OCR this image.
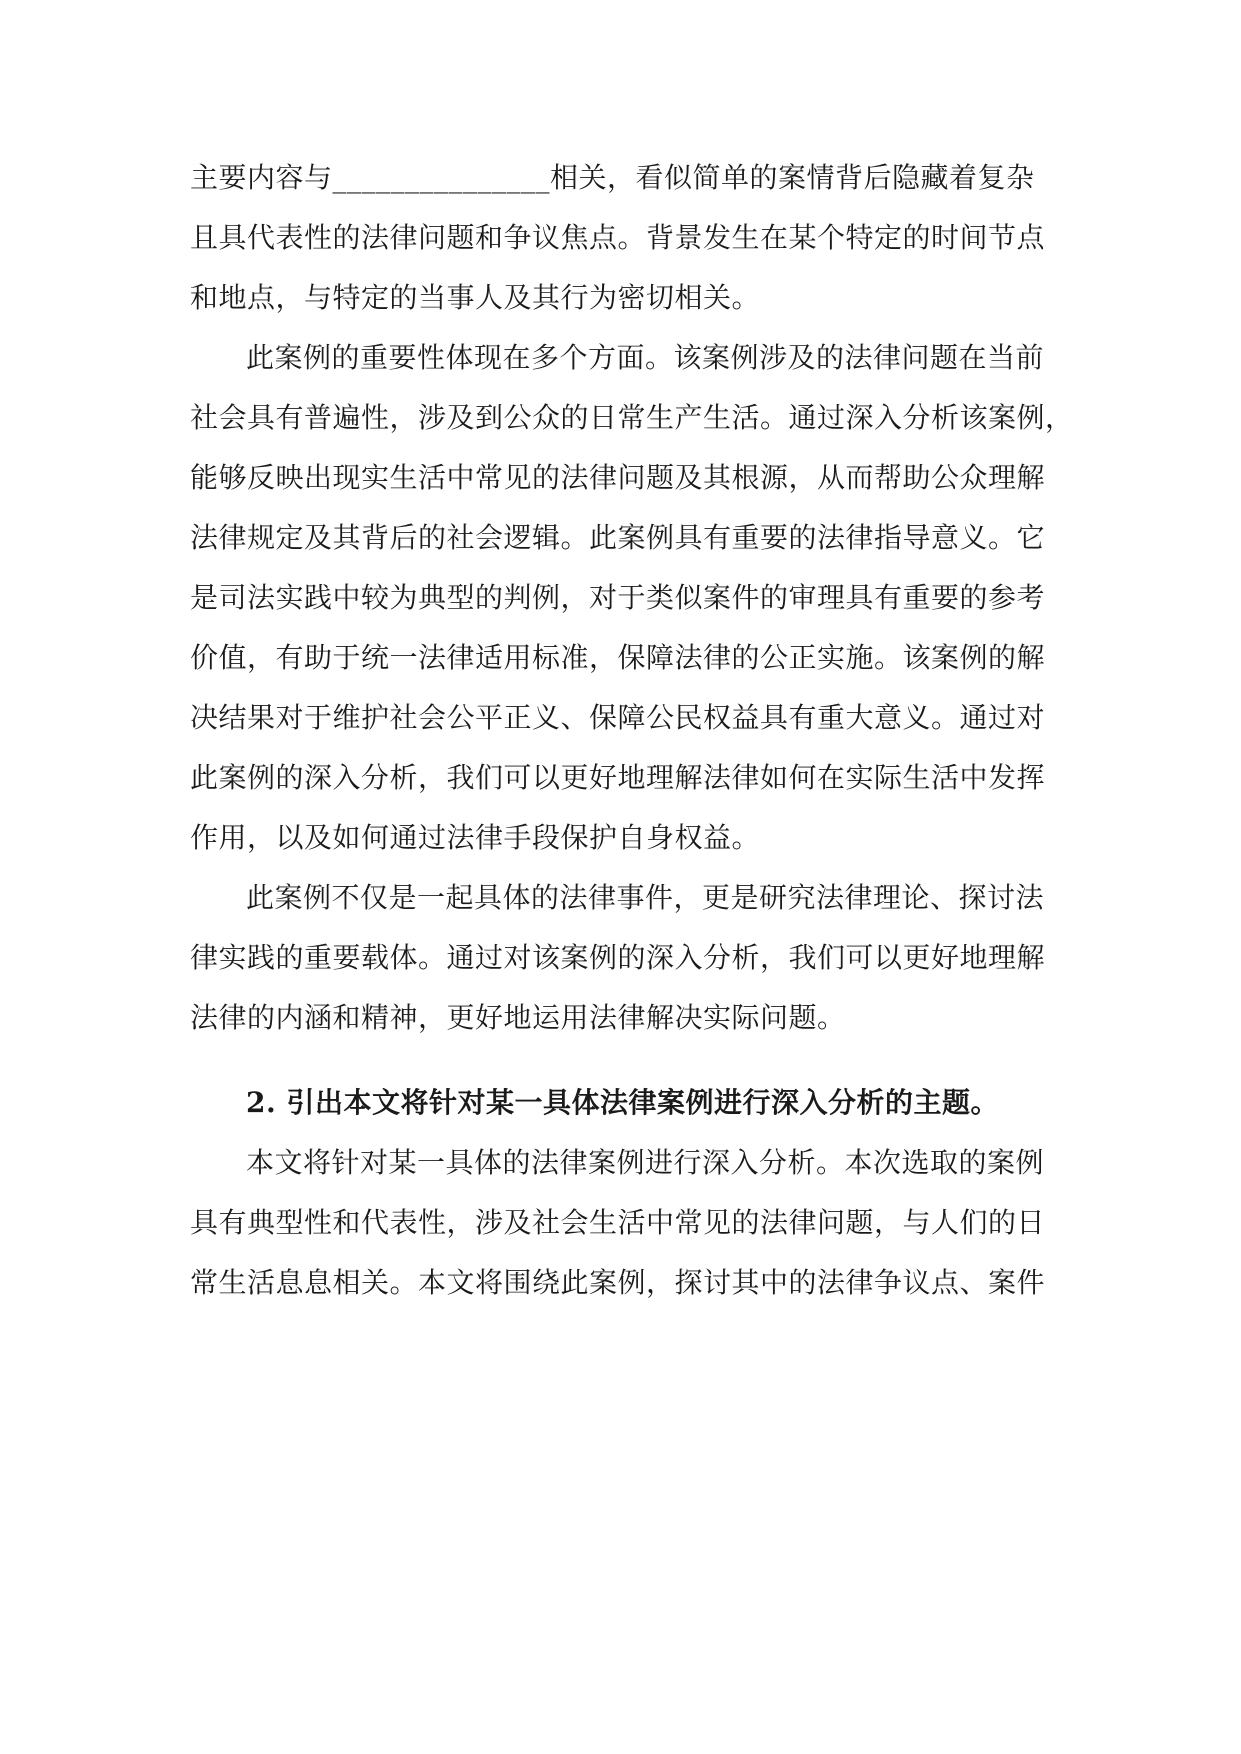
主要内容与_______________相关，看似简单的案情背后隐藏着复杂
且具代表性的法律问题和争议焦点。背景发生在某个特定的时间节点
和地点，与特定的当事人及其行为密切相关。
此案例的重要性体现在多个方面。该案例涉及的法律问题在当前
社会具有普遍性，涉及到公众的日常生产生活。通过深入分析该案例，
能够反映出现实生活中常见的法律问题及其根源，从而帮助公众理解
法律规定及其背后的社会逻辑。此案例具有重要的法律指导意义。它
是司法实践中较为典型的判例，对于类似案件的审理具有重要的参考
价值，有助于统一法律适用标准，保障法律的公正实施。该案例的解
决结果对于维护社会公平正义、保障公民权益具有重大意义。通过对
此案例的深入分析，我们可以更好地理解法律如何在实际生活中发挥
作用，以及如何通过法律手段保护自身权益。
此案例不仅是一起具体的法律事件，更是研究法律理论、探讨法
律实践的重要载体。通过对该案例的深入分析，我们可以更好地理解
法律的内涵和精神，更好地运用法律解决实际问题。
2. 引出本文将针对某一具体法律案例进行深入分析的主题。
本文将针对某一具体的法律案例进行深入分析。本次选取的案例
具有典型性和代表性，涉及社会生活中常见的法律问题，与人们的日
常生活息息相关。本文将围绕此案例，探讨其中的法律争议点、案件
